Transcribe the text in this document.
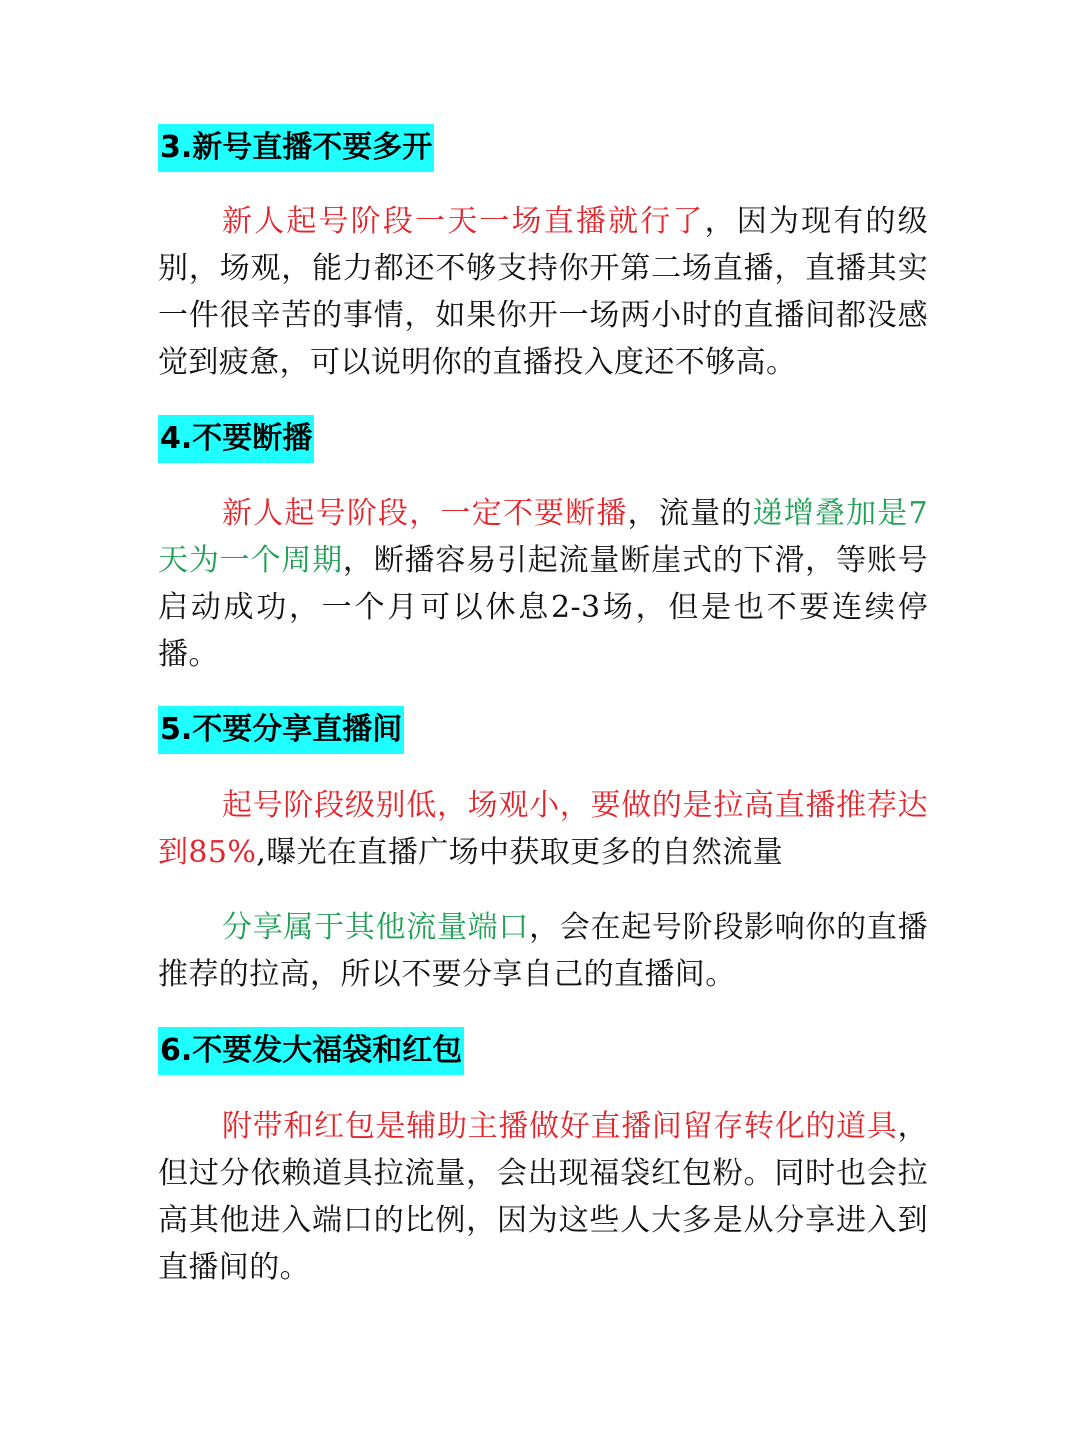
3.新号直播不要多开

新人起号阶段一天一场直播就行了，因为现有的级别，场观，能力都还不够支持你开第二场直播，直播其实一件很辛苦的事情，如果你开一场两小时的直播间都没感觉到疲惫，可以说明你的直播投入度还不够高。

4.不要断播

新人起号阶段，一定不要断播，流量的递增叠加是7天为一个周期，断播容易引起流量断崖式的下滑，等账号启动成功，一个月可以休息2-3场，但是也不要连续停播。

5.不要分享直播间

起号阶段级别低，场观小，要做的是拉高直播推荐达到85%,曝光在直播广场中获取更多的自然流量

分享属于其他流量端口，会在起号阶段影响你的直播推荐的拉高，所以不要分享自己的直播间。

6.不要发大福袋和红包

附带和红包是辅助主播做好直播间留存转化的道具，但过分依赖道具拉流量，会出现福袋红包粉。同时也会拉高其他进入端口的比例，因为这些人大多是从分享进入到直播间的。
